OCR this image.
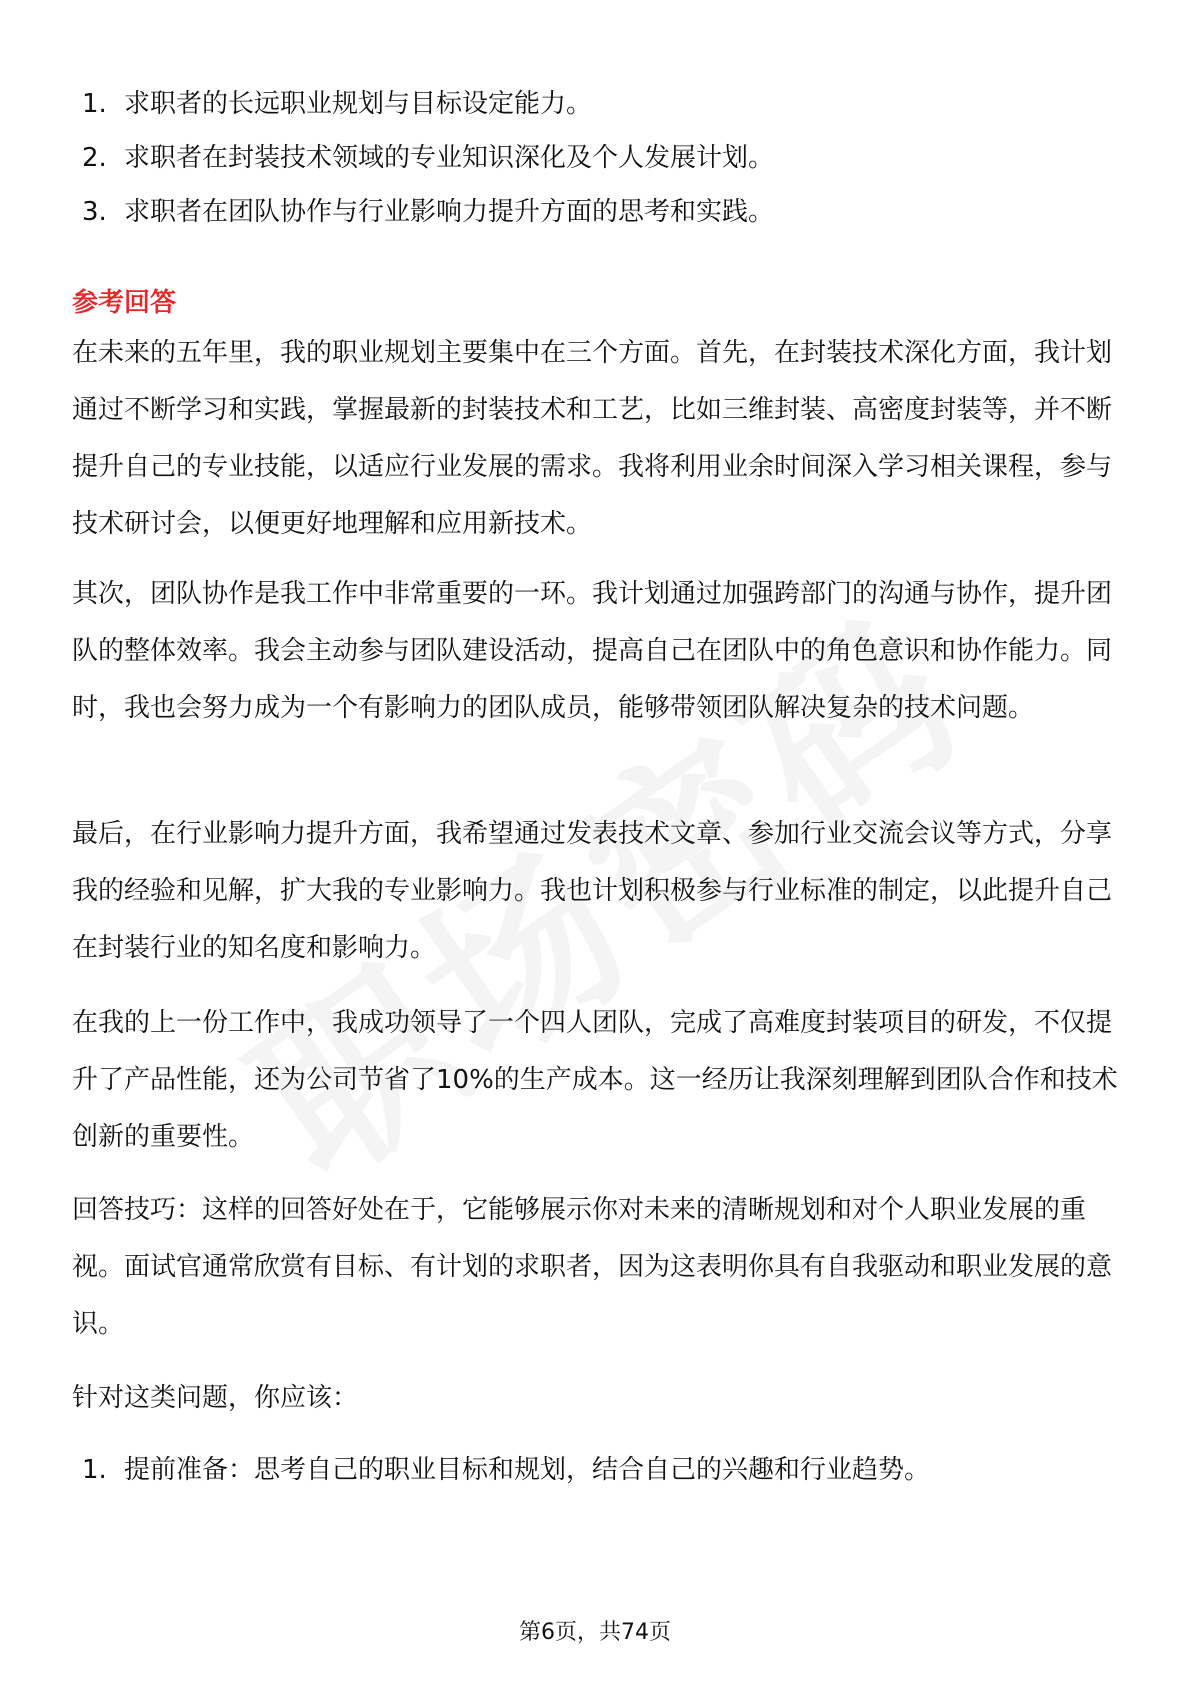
1. 求职者的长远职业规划与目标设定能力。
2. 求职者在封装技术领域的专业知识深化及个人发展计划。
3. 求职者在团队协作与行业影响力提升方面的思考和实践。
参考回答

在未来的五年里，我的职业规划主要集中在三个方面。首先，在封装技术深化方面，我计划通过不断学习和实践，掌握最新的封装技术和工艺，比如三维封装、高密度封装等，并不断提升自己的专业技能，以适应行业发展的需求。我将利用业余时间深入学习相关课程，参与技术研讨会，以便更好地理解和应用新技术。

其次，团队协作是我工作中非常重要的一环。我计划通过加强跨部门的沟通与协作，提升团队的整体效率。我会主动参与团队建设活动，提高自己在团队中的角色意识和协作能力。同时，我也会努力成为一个有影响力的团队成员，能够带领团队解决复杂的技术问题。

最后，在行业影响力提升方面，我希望通过发表技术文章、参加行业交流会议等方式，分享我的经验和见解，扩大我的专业影响力。我也计划积极参与行业标准的制定，以此提升自己在封装行业的知名度和影响力。

在我的上一份工作中，我成功领导了一个四人团队，完成了高难度封装项目的研发，不仅提升了产品性能，还为公司节省了10%的生产成本。这一经历让我深刻理解到团队合作和技术创新的重要性。

回答技巧：这样的回答好处在于，它能够展示你对未来的清晰规划和对个人职业发展的重视。面试官通常欣赏有目标、有计划的求职者，因为这表明你具有自我驱动和职业发展的意识。

针对这类问题，你应该：

1. 提前准备：思考自己的职业目标和规划，结合自己的兴趣和行业趋势。
第6页，共74页
